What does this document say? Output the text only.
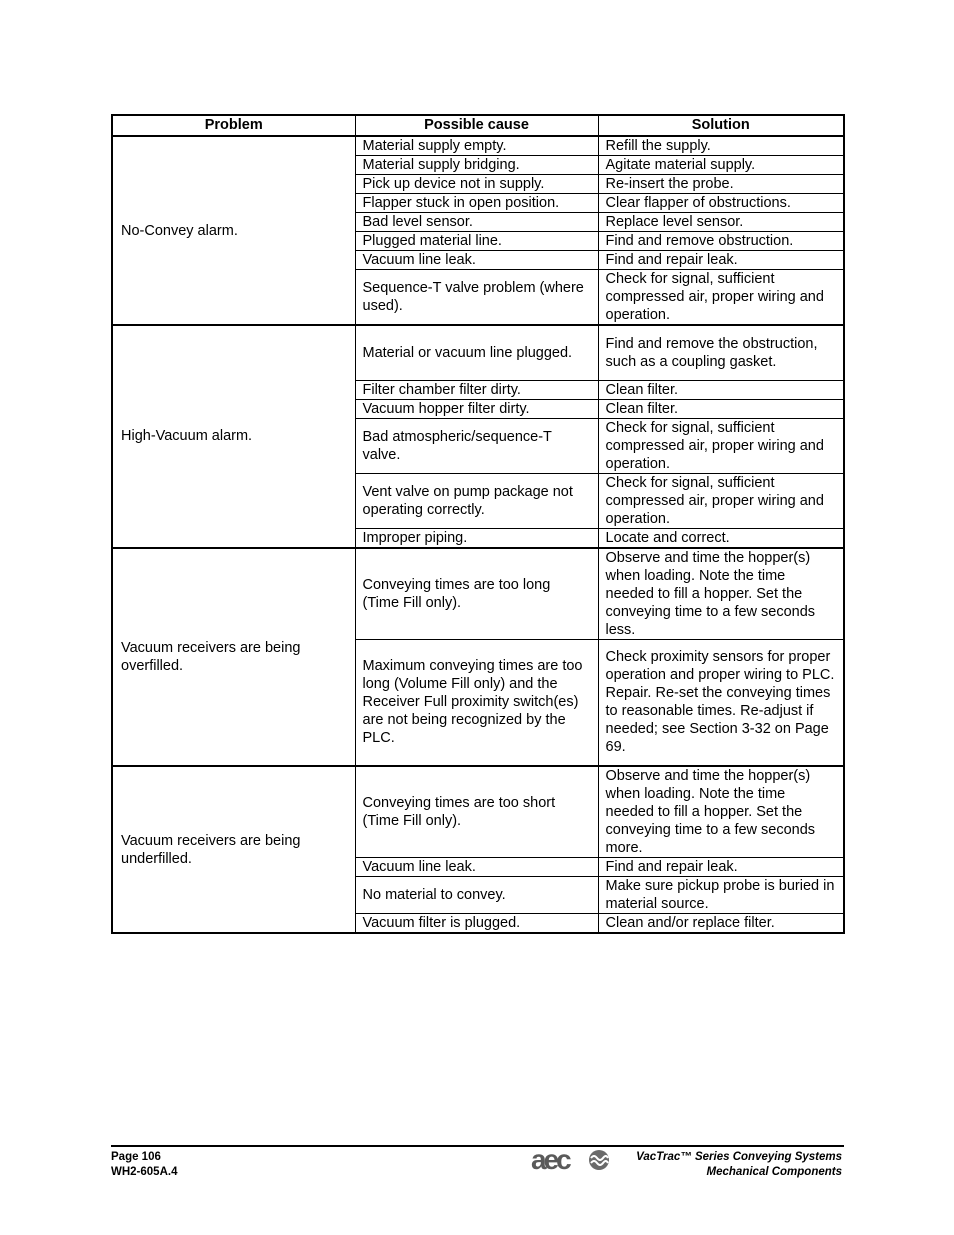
Problem	Possible cause	Solution
No-Convey alarm.	Material supply empty.	Refill the supply.
	Material supply bridging.	Agitate material supply.
	Pick up device not in supply.	Re-insert the probe.
	Flapper stuck in open position.	Clear flapper of obstructions.
	Bad level sensor.	Replace level sensor.
	Plugged material line.	Find and remove obstruction.
	Vacuum line leak.	Find and repair leak.
	Sequence-T valve problem (where used).	Check for signal, sufficient compressed air, proper wiring and operation.
High-Vacuum alarm.	Material or vacuum line plugged.	Find and remove the obstruction, such as a coupling gasket.
	Filter chamber filter dirty.	Clean filter.
	Vacuum hopper filter dirty.	Clean filter.
	Bad atmospheric/sequence-T valve.	Check for signal, sufficient compressed air, proper wiring and operation.
	Vent valve on pump package not operating correctly.	Check for signal, sufficient compressed air, proper wiring and operation.
	Improper piping.	Locate and correct.
Vacuum receivers are being overfilled.	Conveying times are too long (Time Fill only).	Observe and time the hopper(s) when loading. Note the time needed to fill a hopper. Set the conveying time to a few seconds less.
	Maximum conveying times are too long (Volume Fill only) and the Receiver Full proximity switch(es) are not being recognized by the PLC.	Check proximity sensors for proper operation and proper wiring to PLC. Repair. Re-set the conveying times to reasonable times. Re-adjust if needed; see Section 3-32 on Page 69.
Vacuum receivers are being underfilled.	Conveying times are too short (Time Fill only).	Observe and time the hopper(s) when loading. Note the time needed to fill a hopper. Set the conveying time to a few seconds more.
	Vacuum line leak.	Find and repair leak.
	No material to convey.	Make sure pickup probe is buried in material source.
	Vacuum filter is plugged.	Clean and/or replace filter.
Page 106
WH2-605A.4	aec	VacTrac™ Series Conveying Systems
Mechanical Components
